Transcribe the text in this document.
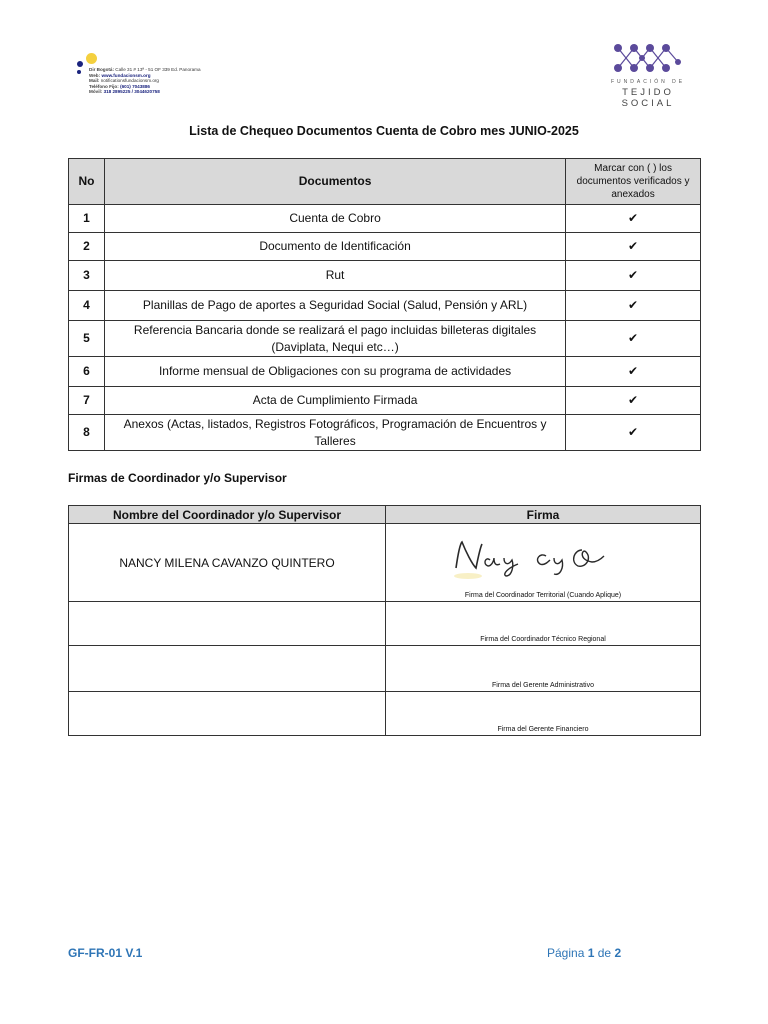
Dir Bogotá: Calle 31 # 13ª - 51 OF 339 Ed. Panorama
Web: www.fundacionsm.org
Mail: notificationsfundacionsm.org
Teléfono Fijo: (601) 7043886
Móvil: 318 2895225 / 3044620758
FUNDACIÓN DE
TEJIDO SOCIAL
Lista de Chequeo Documentos Cuenta de Cobro mes JUNIO-2025
No	Documentos	Marcar con ( ) los documentos verificados y anexados
1	Cuenta de Cobro	✔
2	Documento de Identificación	✔
3	Rut	✔
4	Planillas de Pago de aportes a Seguridad Social (Salud, Pensión y ARL)	✔
5	Referencia Bancaria donde se realizará el pago incluidas billeteras digitales (Daviplata, Nequi etc…)	✔
6	Informe mensual de Obligaciones con su programa de actividades	✔
7	Acta de Cumplimiento Firmada	✔
8	Anexos (Actas, listados, Registros Fotográficos, Programación de Encuentros y Talleres	✔
Firmas de Coordinador y/o Supervisor
Nombre del Coordinador y/o Supervisor	Firma
NANCY MILENA CAVANZO QUINTERO	Firma del Coordinador Territorial (Cuando Aplique)
	Firma del Coordinador Técnico Regional
	Firma del Gerente Administrativo
	Firma del Gerente Financiero
GF-FR-01 V.1	Página 1 de 2
